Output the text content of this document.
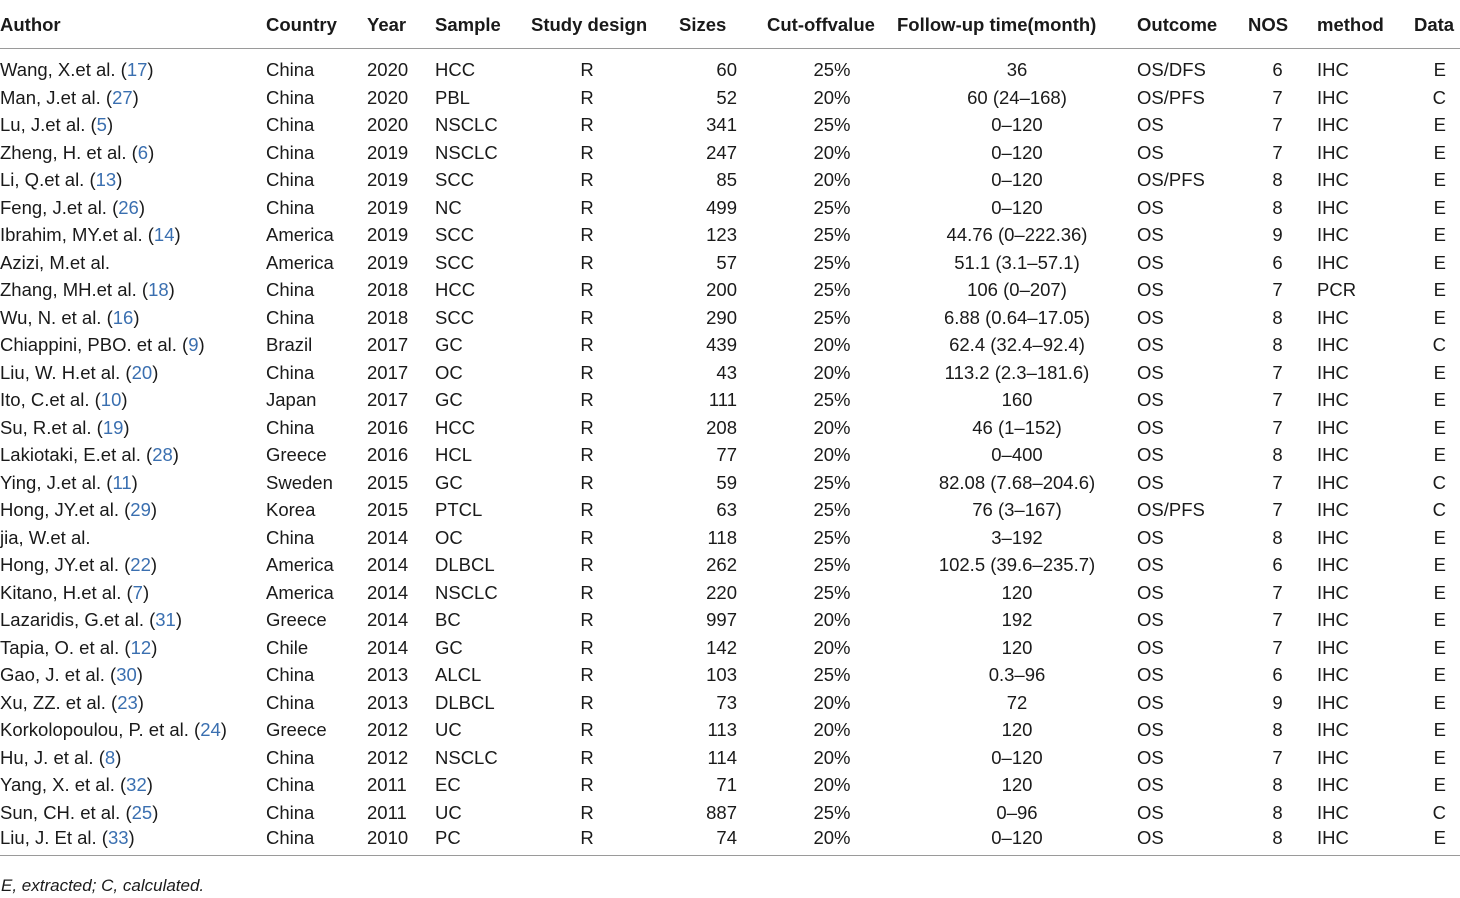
Author	Country	Year	Sample	Study design	Sizes	Cut-offvalue	Follow-up time(month)	Outcome	NOS	method	Data
Wang, X.et al. (17)	China	2020	HCC	R	60	25%	36	OS/DFS	6	IHC	E
Man, J.et al. (27)	China	2020	PBL	R	52	20%	60 (24–168)	OS/PFS	7	IHC	C
Lu, J.et al. (5)	China	2020	NSCLC	R	341	25%	0–120	OS	7	IHC	E
Zheng, H. et al. (6)	China	2019	NSCLC	R	247	20%	0–120	OS	7	IHC	E
Li, Q.et al. (13)	China	2019	SCC	R	85	20%	0–120	OS/PFS	8	IHC	E
Feng, J.et al. (26)	China	2019	NC	R	499	25%	0–120	OS	8	IHC	E
Ibrahim, MY.et al. (14)	America	2019	SCC	R	123	25%	44.76 (0–222.36)	OS	9	IHC	E
Azizi, M.et al.	America	2019	SCC	R	57	25%	51.1 (3.1–57.1)	OS	6	IHC	E
Zhang, MH.et al. (18)	China	2018	HCC	R	200	25%	106 (0–207)	OS	7	PCR	E
Wu, N. et al. (16)	China	2018	SCC	R	290	25%	6.88 (0.64–17.05)	OS	8	IHC	E
Chiappini, PBO. et al. (9)	Brazil	2017	GC	R	439	20%	62.4 (32.4–92.4)	OS	8	IHC	C
Liu, W. H.et al. (20)	China	2017	OC	R	43	20%	113.2 (2.3–181.6)	OS	7	IHC	E
Ito, C.et al. (10)	Japan	2017	GC	R	111	25%	160	OS	7	IHC	E
Su, R.et al. (19)	China	2016	HCC	R	208	20%	46 (1–152)	OS	7	IHC	E
Lakiotaki, E.et al. (28)	Greece	2016	HCL	R	77	20%	0–400	OS	8	IHC	E
Ying, J.et al. (11)	Sweden	2015	GC	R	59	25%	82.08 (7.68–204.6)	OS	7	IHC	C
Hong, JY.et al. (29)	Korea	2015	PTCL	R	63	25%	76 (3–167)	OS/PFS	7	IHC	C
jia, W.et al.	China	2014	OC	R	118	25%	3–192	OS	8	IHC	E
Hong, JY.et al. (22)	America	2014	DLBCL	R	262	25%	102.5 (39.6–235.7)	OS	6	IHC	E
Kitano, H.et al. (7)	America	2014	NSCLC	R	220	25%	120	OS	7	IHC	E
Lazaridis, G.et al. (31)	Greece	2014	BC	R	997	20%	192	OS	7	IHC	E
Tapia, O. et al. (12)	Chile	2014	GC	R	142	20%	120	OS	7	IHC	E
Gao, J. et al. (30)	China	2013	ALCL	R	103	25%	0.3–96	OS	6	IHC	E
Xu, ZZ. et al. (23)	China	2013	DLBCL	R	73	20%	72	OS	9	IHC	E
Korkolopoulou, P. et al. (24)	Greece	2012	UC	R	113	20%	120	OS	8	IHC	E
Hu, J. et al. (8)	China	2012	NSCLC	R	114	20%	0–120	OS	7	IHC	E
Yang, X. et al. (32)	China	2011	EC	R	71	20%	120	OS	8	IHC	E
Sun, CH. et al. (25)	China	2011	UC	R	887	25%	0–96	OS	8	IHC	C
Liu, J. Et al. (33)	China	2010	PC	R	74	20%	0–120	OS	8	IHC	E

E, extracted; C, calculated.
